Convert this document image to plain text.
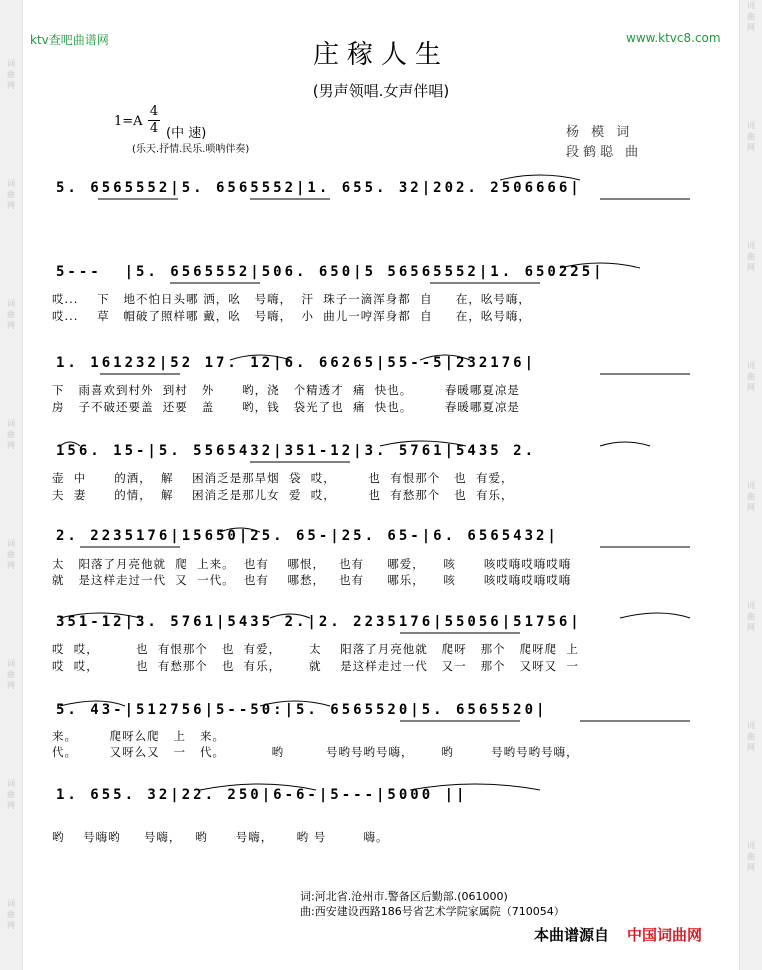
词
曲
网
词
曲
网
词
曲
网
词
曲
网
词
曲
网
词
曲
网
词
曲
网
词
曲
网
词
曲
网
词
曲
网
词
曲
网
词
曲
网
词
曲
网
词
曲
网
词
曲
网
词
曲
网
ktv查吧曲谱网	www.ktvc8.com
庄稼人生
(男声领唱.女声伴唱)
1=A
4
4 (中 速)
(乐天.抒情.民乐.唢呐伴奏)
杨 模 词
段鹤聪 曲
5. 6565552|5. 6565552|1. 655. 32|202. 2506666|
5---  |5. 6565552|506. 650|5 56565552|1. 650225|
哎...    下   地不怕日头哪 洒，吆   号嗨，  汗  珠子一滴浑身都  自     在，吆号嗨，
哎...    草   帽破了照样哪 戴，吆   号嗨，  小  曲儿一哼浑身都  自     在，吆号嗨，
1. 161232|52 17. 12|6. 66265|55--5|232176|
下   雨喜欢到村外  到村   外      哟，浇   个精透才  痛  快也。       春暖哪夏凉是
房   子不破还要盖  还要   盖      哟，钱   袋光了也  痛  快也。       春暖哪夏凉是
156. 15-|5. 5565432|351-12|3. 5761|5435 2.
壶  中      的酒，  解    困消乏是那旱烟  袋  哎，       也  有恨那个   也  有爱，
夫  妻      的情，  解    困消乏是那儿女  爱  哎，       也  有愁那个   也  有乐，
2. 2235176|15650|25. 65-|25. 65-|6. 6565432|
太   阳落了月亮他就  爬  上来。  也有    哪恨，   也有     哪爱，    咳      咳哎嗨哎嗨哎嗨
就   是这样走过一代  又  一代。  也有    哪愁，   也有     哪乐，    咳      咳哎嗨哎嗨哎嗨
351-12|3. 5761|5435 2.|2. 2235176|55056|51756|
哎  哎，        也  有恨那个   也  有爱，      太    阳落了月亮他就   爬呀   那个   爬呀爬  上
哎  哎，        也  有愁那个   也  有乐，      就    是这样走过一代   又一   那个   又呀又  一
5. 43-|512756|5--50:|5. 6565520|5. 6565520|
来。       爬呀么爬   上   来。
代。       又呀么又   一   代。          哟         号哟号哟号嗨，      哟        号哟号哟号嗨，
1. 655. 32|22. 250|6-6-|5---|5000 ||
哟    号嗨哟     号嗨，   哟      号嗨，     哟 号        嗨。
词:河北省.沧州市.警备区后勤部.(061000)
曲:西安建设西路186号省艺术学院家属院（710054）
本曲谱源自 中国词曲网
